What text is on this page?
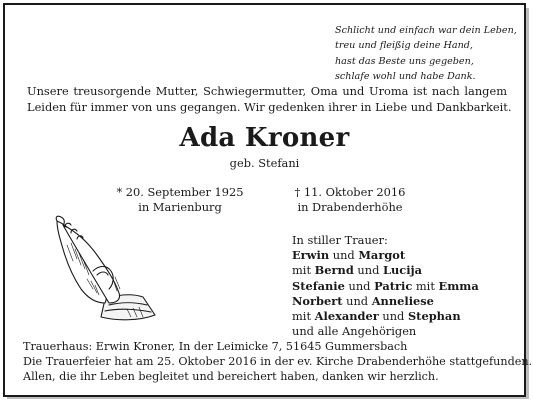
Schlicht und einfach war dein Leben,
treu und fleißig deine Hand,
hast das Beste uns gegeben,
schlafe wohl und habe Dank.
Unsere treusorgende Mutter, Schwiegermutter, Oma und Uroma ist nach langem
Leiden für immer von uns gegangen. Wir gedenken ihrer in Liebe und Dankbarkeit.
Ada Kroner
geb. Stefani
* 20. September 1925
in Marienburg
† 11. Oktober 2016
in Drabenderhöhe
In stiller Trauer:
Erwin und Margot
mit Bernd und Lucija
Stefanie und Patric mit Emma
Norbert und Anneliese
mit Alexander und Stephan
und alle Angehörigen
Trauerhaus: Erwin Kroner, In der Leimicke 7, 51645 Gummersbach
Die Trauerfeier hat am 25. Oktober 2016 in der ev. Kirche Drabenderhöhe stattgefunden.
Allen, die ihr Leben begleitet und bereichert haben, danken wir herzlich.
